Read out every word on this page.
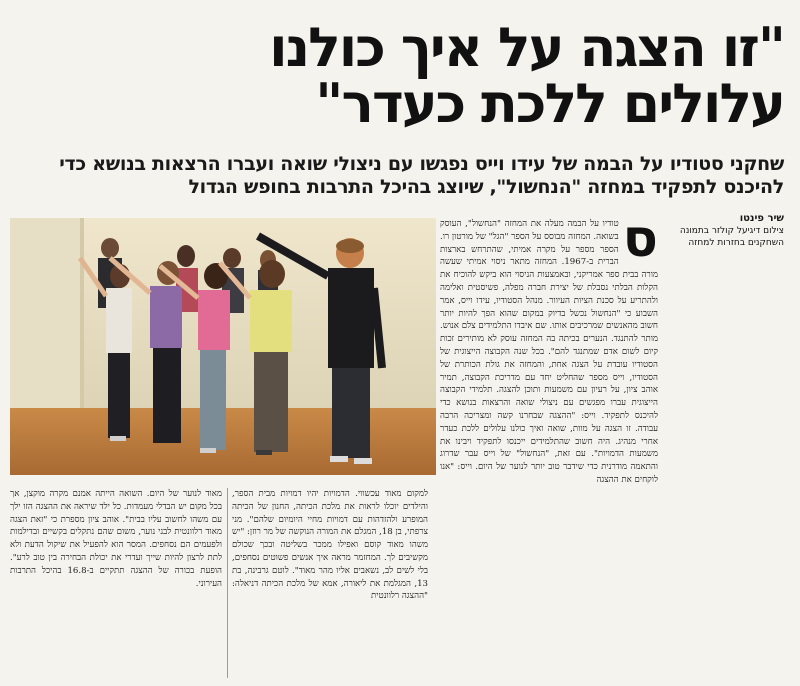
"זו הצגה על איך כולנו
עלולים ללכת כעדר"

שחקני סטודיו על הבמה של עידו וייס נפגשו עם ניצולי שואה ועברו הרצאות בנושא כדי להיכנס לתפקיד במחזה "הנחשול", שיוצג בהיכל התרבות בחופש הגדול

שיר פינטו
צילום דיגיעל קולזר בתמונה השחקנים בחזרות למחזה
ס

טודיו על הבמה מעלה את המחזה "הנחשול", העוסק בשואה. המחזה מבוסס על הספר "הגל" של מורטון רו. הספר מספר על מקרה אמיתי, שהתרחש בארצות הברית ב-1967. המחזה מתאר ניסוי אמיתי שעשה מורה בבית ספר אמריקני, ובאמצעות הניסוי הוא ביקש להוכיח את הקלות הבלתי נסבלת של יצירת חברה מפלה, פשיסטית ואלימה ולהתריע על סכנת הציות העיוור. מנהל הסטודיו, עידו וייס, אמר השבוע כי "הנחשול נכשל בדיוק במקום שהוא הפך להיות יותר חשוב מהאנשים שמרכיבים אותו. שם איבדו התלמידים צלם אנוש. מותר להתנגד. הנערים בכיתה בה המחזה עוסק לא מותירים זכות קיום לשום אדם שמתנגד להם". בכל שנה הקבוצה הייצוגית של הסטודיו עובדת על הצגה אחת, והמחזה את גולת הכותרת של הסטודיו, וייס מספר שהחליט יחד עם מדריכת הקבוצה, תמיר אוהב ציון, על רעיון עם משמעות ותוכן להצגה. תלמידי הקבוצה הייצוגית עברו מפגשים עם ניצולי שואה והרצאות בנושא כדי להיכנס לתפקיד. וייס: "ההצגה שבחרנו קשה ומצריכה הרבה עבודה. זו הצגה על מוות, שואה ואיך כולנו עלולים ללכת כעדר אחרי מנהיג. היה חשוב שהתלמידים ייכנסו לתפקיד ויבינו את משמעות הדמויות". עם זאת, "הנחשול" של וייס עבר שדרוג והתאמה מודרנית כדי שידבר טוב יותר לנוער של היום. וייס: "אנו לוקחים את ההצגה

למקום מאוד עכשווי. הדמויות יהיו דמויות מבית הספר, והילדים יוכלו לראות את מלכת הכיתה, החנון של הכיתה המופרע ולהזדהות עם דמויות מחיי היומיום שלהם". מני צרפתי, בן 18, המגלם את המורה הנוקשה של מר רוזן: "יש משהו מאוד קוסם ואפילו ממכר בשליטה ובכך שכולם מקשיבים לך. המחזמר מראה איך אנשים פשוטים נסחפים, בלי לשים לב, נשאבים אליו מהר מאוד". לוטם גרבינה, בת 13, המגלמת את ליאורה, אמא של מלכת הכיתה דניאלה: "ההצגה רלוונטית

מאוד לנוער של היום. השואה הייתה אמנם מקרה מוקצן, אך בכל מקום יש הבדלי מעמדות. כל ילד שיראה את ההצגה הזו ילך עם משהו לחשוב עליו בבית". אוהב ציון מספרת כי "זאת הצגה מאוד רלוונטית לבני נוער, משום שהם נתקלים בקשיים ובדילמות ולפעמים הם נסחפים. המסר הוא להפעיל את שיקול הדעת ולא לתת לרצון להיות שייך ועדרי את יכולת הבחירה בין טוב לרע". הופעת בכורה של ההצגה תתקיים ב-16.8 בהיכל התרבות העירוני.
